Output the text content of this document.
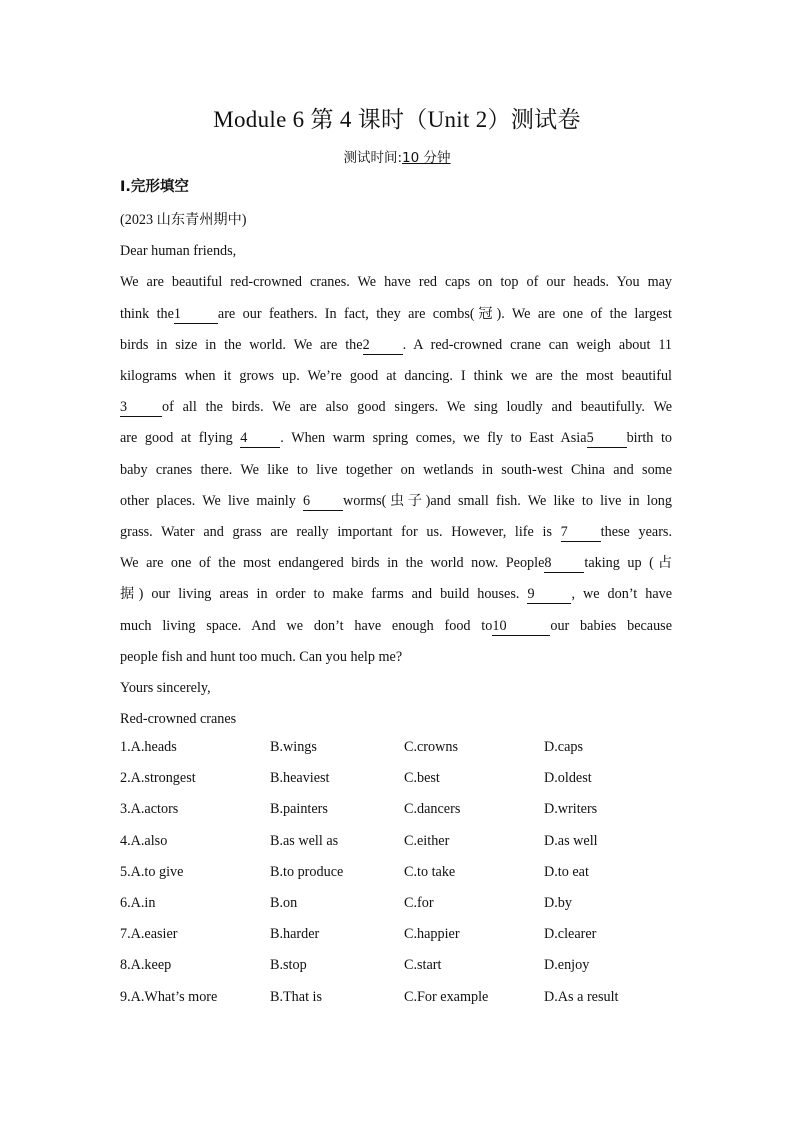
Module 6 第 4 课时（Unit 2）测试卷
测试时间:10 分钟
Ⅰ.完形填空
(2023 山东青州期中)
Dear human friends,
We are beautiful red-crowned cranes. We have red caps on top of our heads. You may
think the1	are our feathers. In fact, they are combs(冠). We are one of the largest
birds in size in the world. We are the2 . A red-crowned crane can weigh about 11
kilograms when it grows up. We’re good at dancing. I think we are the most beautiful
3 of all the birds. We are also good singers. We sing loudly and beautifully. We
are good at flying 4 . When warm spring comes, we fly to East Asia5 birth to
baby cranes there. We like to live together on wetlands in south-west China and some
other places. We live mainly 6 worms(虫子)and small fish. We like to live in long
grass. Water and grass are really important for us. However, life is 7 these years.
We are one of the most endangered birds in the world now. People8 taking up (占
据) our living areas in order to make farms and build houses. 9	, we don’t have
much living space. And we don’t have enough food to10	our babies because
people fish and hunt too much. Can you help me?
Yours sincerely,
Red-crowned cranes
1.A.heads	B.wings	C.crowns	D.caps
2.A.strongest	B.heaviest	C.best	D.oldest
3.A.actors	B.painters	C.dancers	D.writers
4.A.also	B.as well as	C.either	D.as well
5.A.to give	B.to produce	C.to take	D.to eat
6.A.in	B.on	C.for	D.by
7.A.easier	B.harder	C.happier	D.clearer
8.A.keep	B.stop	C.start	D.enjoy
9.A.What’s more	B.That is	C.For example	D.As a result
